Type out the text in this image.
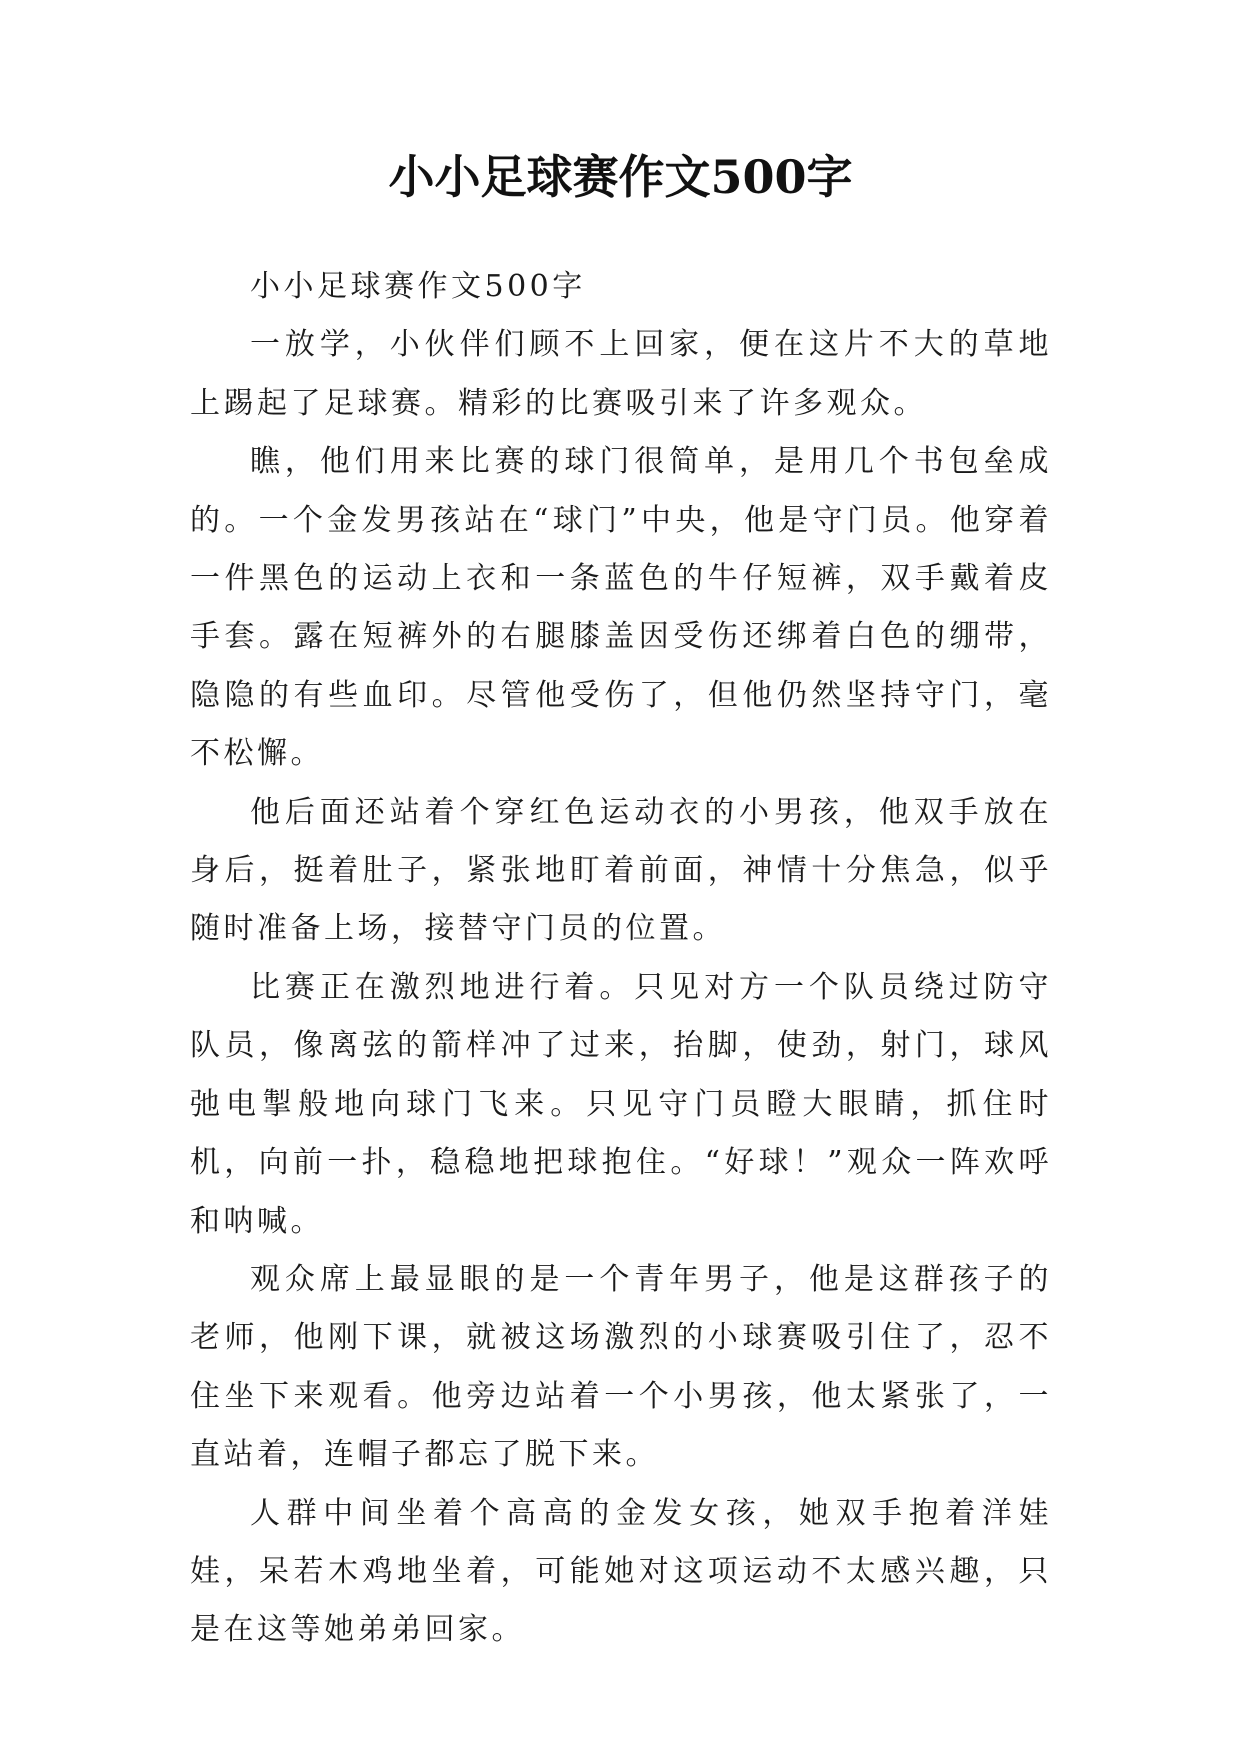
小小足球赛作文500字

小小足球赛作文500字

一放学，小伙伴们顾不上回家，便在这片不大的草地上踢起了足球赛。精彩的比赛吸引来了许多观众。

瞧，他们用来比赛的球门很简单，是用几个书包垒成的。一个金发男孩站在“球门”中央，他是守门员。他穿着一件黑色的运动上衣和一条蓝色的牛仔短裤，双手戴着皮手套。露在短裤外的右腿膝盖因受伤还绑着白色的绷带，隐隐的有些血印。尽管他受伤了，但他仍然坚持守门，毫不松懈。

他后面还站着个穿红色运动衣的小男孩，他双手放在身后，挺着肚子，紧张地盯着前面，神情十分焦急，似乎随时准备上场，接替守门员的位置。

比赛正在激烈地进行着。只见对方一个队员绕过防守队员，像离弦的箭样冲了过来，抬脚，使劲，射门，球风弛电掣般地向球门飞来。只见守门员瞪大眼睛，抓住时机，向前一扑，稳稳地把球抱住。“好球！”观众一阵欢呼和呐喊。

观众席上最显眼的是一个青年男子，他是这群孩子的老师，他刚下课，就被这场激烈的小球赛吸引住了，忍不住坐下来观看。他旁边站着一个小男孩，他太紧张了，一直站着，连帽子都忘了脱下来。

人群中间坐着个高高的金发女孩，她双手抱着洋娃娃，呆若木鸡地坐着，可能她对这项运动不太感兴趣，只是在这等她弟弟回家。
